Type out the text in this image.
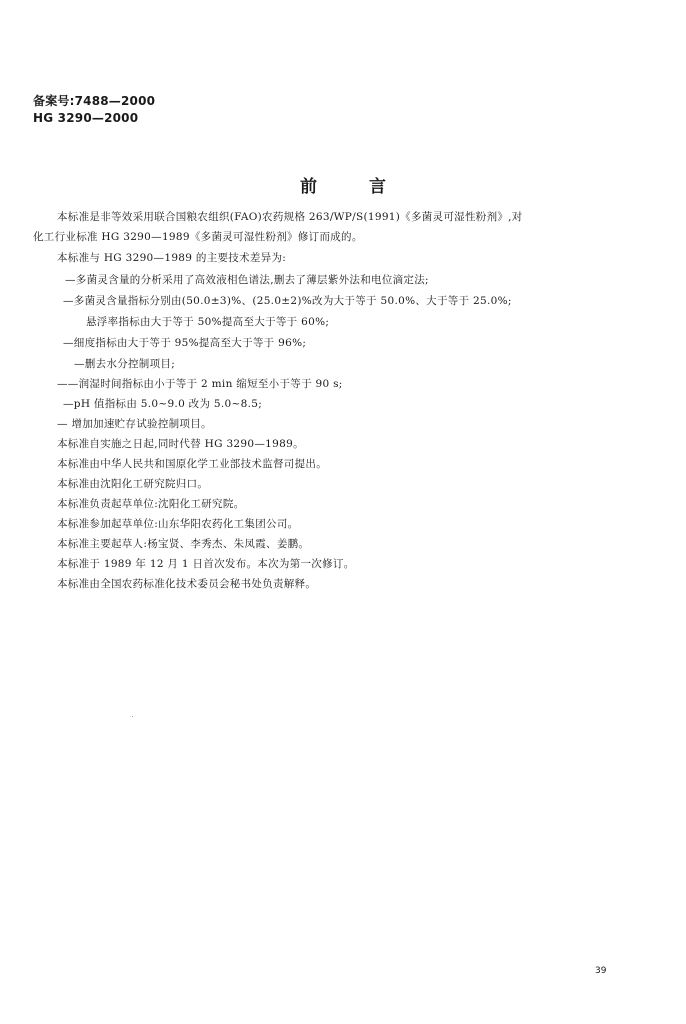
备案号:7488—2000
HG 3290—2000
前言
本标准是非等效采用联合国粮农组织(FAO)农药规格 263/WP/S(1991)《多菌灵可湿性粉剂》,对
化工行业标准 HG 3290—1989《多菌灵可湿性粉剂》修订而成的。
本标准与 HG 3290—1989 的主要技术差异为:
—多菌灵含量的分析采用了高效液相色谱法,删去了薄层紫外法和电位滴定法;
—多菌灵含量指标分别由(50.0±3)%、(25.0±2)%改为大于等于 50.0%、大于等于 25.0%;
悬浮率指标由大于等于 50%提高至大于等于 60%;
—细度指标由大于等于 95%提高至大于等于 96%;
—删去水分控制项目;
——润湿时间指标由小于等于 2 min 缩短至小于等于 90 s;
—pH 值指标由 5.0~9.0 改为 5.0~8.5;
— 增加加速贮存试验控制项目。
本标准自实施之日起,同时代替 HG 3290—1989。
本标准由中华人民共和国原化学工业部技术监督司提出。
本标准由沈阳化工研究院归口。
本标准负责起草单位:沈阳化工研究院。
本标准参加起草单位:山东华阳农药化工集团公司。
本标准主要起草人:杨宝贤、李秀杰、朱凤霞、姜鹏。
本标准于 1989 年 12 月 1 日首次发布。本次为第一次修订。
本标准由全国农药标准化技术委员会秘书处负责解释。
39
